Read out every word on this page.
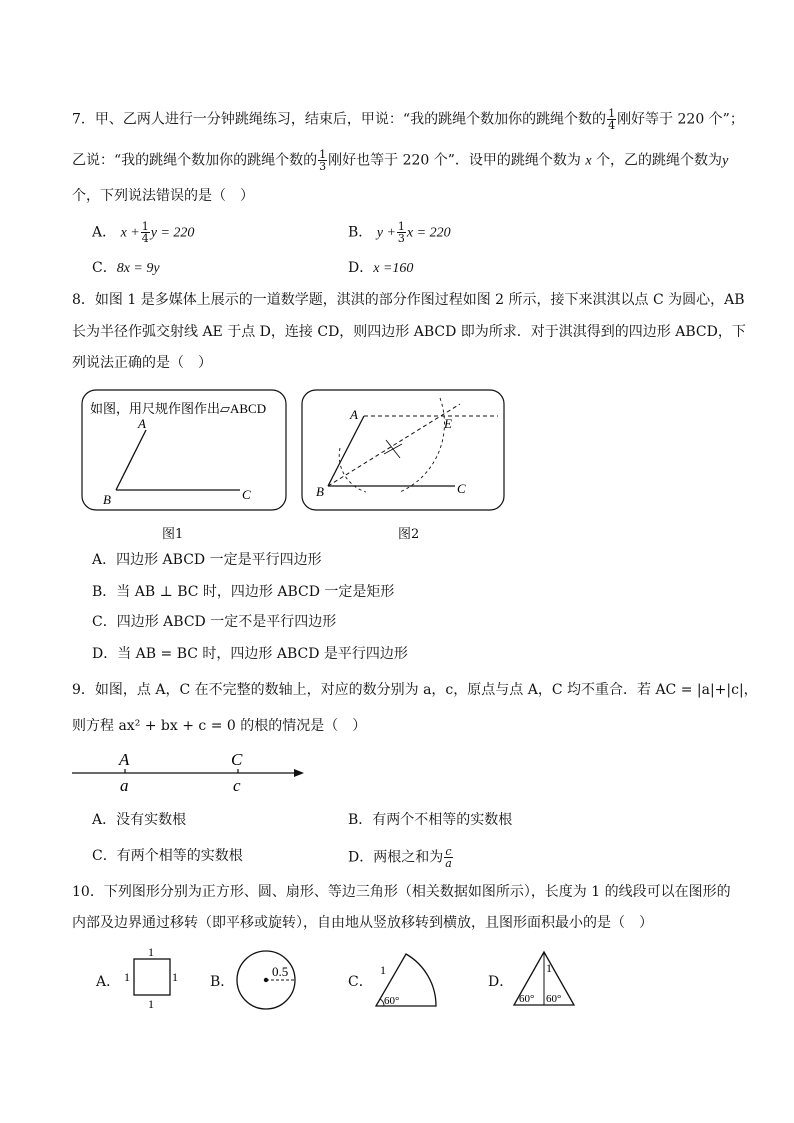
7．甲、乙两人进行一分钟跳绳练习，结束后，甲说：“我的跳绳个数加你的跳绳个数的 $\frac{1}{4}$ 刚好等于 220 个”；
乙说：“我的跳绳个数加你的跳绳个数的 $\frac{1}{3}$ 刚好也等于 220 个”．设甲的跳绳个数为 x 个，乙的跳绳个数为y
个，下列说法错误的是（　）
A． $x + \frac{1}{4}$ y = 220	B． $y + \frac{1}{3}$ x = 220
C．8x = 9y	D．x =160
8．如图 1 是多媒体上展示的一道数学题，淇淇的部分作图过程如图 2 所示，接下来淇淇以点 C 为圆心，AB
长为半径作弧交射线 AE 于点 D，连接 CD，则四边形 ABCD 即为所求．对于淇淇得到的四边形 ABCD，下
列说法正确的是（　）
如图，用尺规作图作出▱ABCD
A
B	C
图1
A
B	C
E
图2
A．四边形 ABCD 一定是平行四边形
B．当 AB ⊥ BC 时，四边形 ABCD 一定是矩形
C．四边形 ABCD 一定不是平行四边形
D．当 AB = BC 时，四边形 ABCD 是平行四边形
9．如图，点 A，C 在不完整的数轴上，对应的数分别为 a，c，原点与点 A，C 均不重合．若 AC = |a|+|c|，
则方程 ax² + bx + c = 0 的根的情况是（　）
A	C
a	c
A．没有实数根	B．有两个不相等的实数根
C．有两个相等的实数根	D．两根之和为 $\frac{c}{a}$
10．下列图形分别为正方形、圆、扇形、等边三角形（相关数据如图所示），长度为 1 的线段可以在图形的
内部及边界通过移转（即平移或旋转），自由地从竖放移转到横放，且图形面积最小的是（　）
A．
1
1	1
1
B．
0.5
C．
1
60°
D．
1
60° 60°
